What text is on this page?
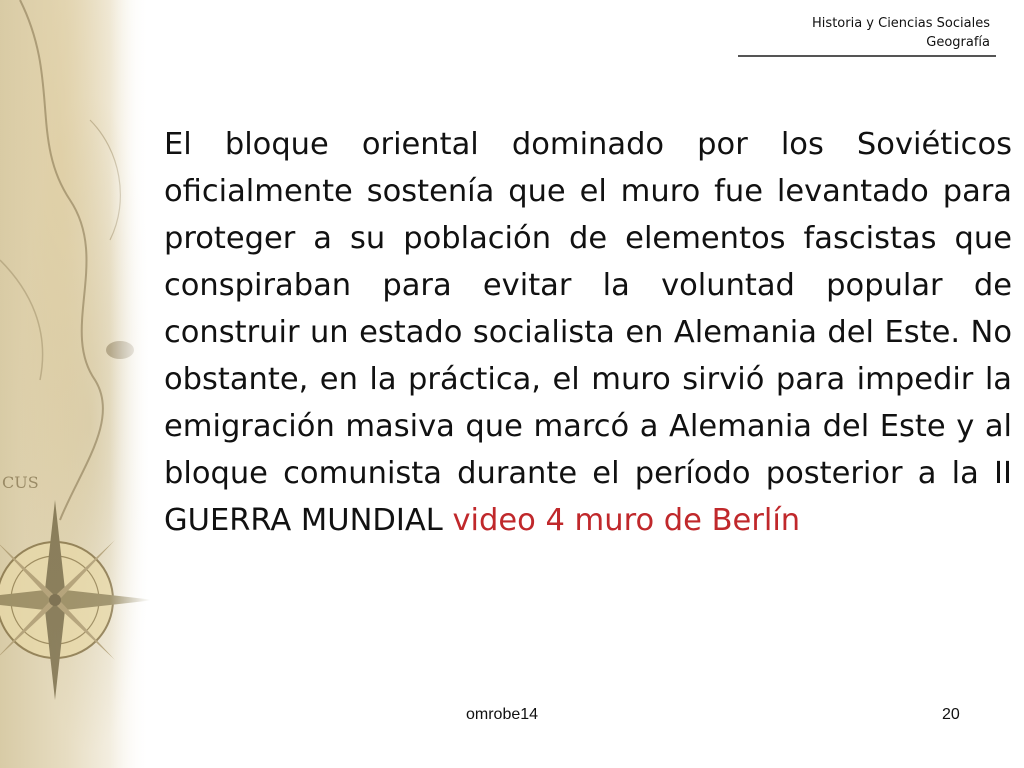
CUS
Historia y Ciencias Sociales
Geografía
El bloque oriental dominado por los Soviéticos oficialmente sostenía que el muro fue levantado para proteger a su población de elementos fascistas que conspiraban para evitar la voluntad popular de construir un estado socialista en Alemania del Este. No obstante, en la práctica, el muro sirvió para impedir la emigración masiva que marcó a Alemania del Este y al bloque comunista durante el período posterior a la II GUERRA MUNDIAL video 4 muro de Berlín
omrobe14	20
